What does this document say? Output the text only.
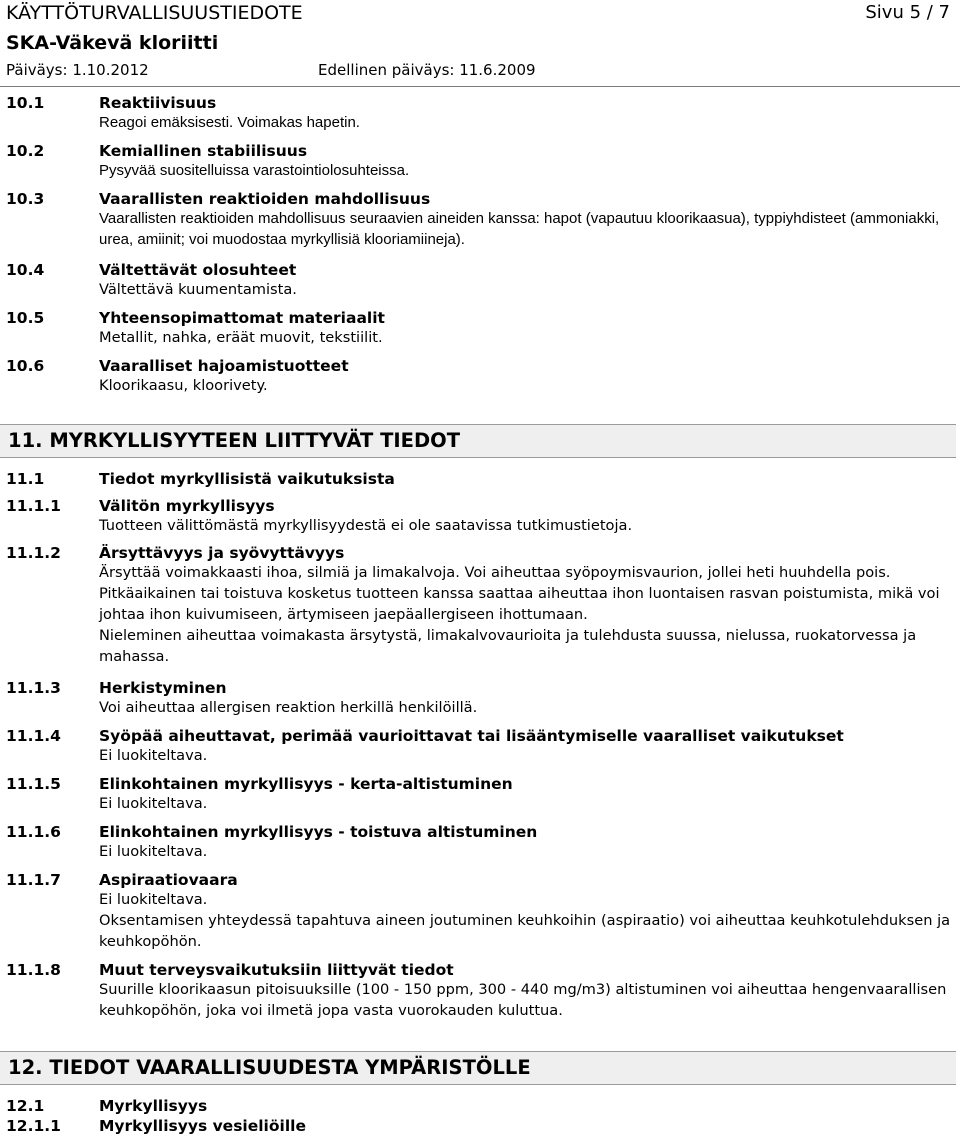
KÄYTTÖTURVALLISUUSTIEDOTE	Sivu 5 / 7
SKA-Väkevä kloriitti
Päiväys: 1.10.2012	Edellinen päiväys: 11.6.2009
10.1	Reaktiivisuus
Reagoi emäksisesti. Voimakas hapetin.
10.2	Kemiallinen stabiilisuus
Pysyvää suositelluissa varastointiolosuhteissa.
10.3	Vaarallisten reaktioiden mahdollisuus
Vaarallisten reaktioiden mahdollisuus seuraavien aineiden kanssa: hapot (vapautuu kloorikaasua), typpiyhdisteet (ammoniakki, urea, amiinit; voi muodostaa myrkyllisiä klooriamiineja).
10.4	Vältettävät olosuhteet
Vältettävä kuumentamista.
10.5	Yhteensopimattomat materiaalit
Metallit, nahka, eräät muovit, tekstiilit.
10.6	Vaaralliset hajoamistuotteet
Kloorikaasu, kloorivety.
11. MYRKYLLISYYTEEN LIITTYVÄT TIEDOT
11.1	Tiedot myrkyllisistä vaikutuksista
11.1.1	Välitön myrkyllisyys
Tuotteen välittömästä myrkyllisyydestä ei ole saatavissa tutkimustietoja.
11.1.2	Ärsyttävyys ja syövyttävyys

Ärsyttää voimakkaasti ihoa, silmiä ja limakalvoja. Voi aiheuttaa syöpoymisvaurion, jollei heti huuhdella pois.

Pitkäaikainen tai toistuva kosketus tuotteen kanssa saattaa aiheuttaa ihon luontaisen rasvan poistumista, mikä voi johtaa ihon kuivumiseen, ärtymiseen jaepäallergiseen ihottumaan.

Nieleminen aiheuttaa voimakasta ärsytystä, limakalvovaurioita ja tulehdusta suussa, nielussa, ruokatorvessa ja mahassa.

11.1.3	Herkistyminen
Voi aiheuttaa allergisen reaktion herkillä henkilöillä.
11.1.4	Syöpää aiheuttavat, perimää vaurioittavat tai lisääntymiselle vaaralliset vaikutukset
Ei luokiteltava.
11.1.5	Elinkohtainen myrkyllisyys - kerta-altistuminen
Ei luokiteltava.
11.1.6	Elinkohtainen myrkyllisyys - toistuva altistuminen
Ei luokiteltava.
11.1.7	Aspiraatiovaara

Ei luokiteltava.

Oksentamisen yhteydessä tapahtuva aineen joutuminen keuhkoihin (aspiraatio) voi aiheuttaa keuhkotulehduksen ja keuhkopöhön.

11.1.8	Muut terveysvaikutuksiin liittyvät tiedot
Suurille kloorikaasun pitoisuuksille (100 - 150 ppm, 300 - 440 mg/m3) altistuminen voi aiheuttaa hengenvaarallisen keuhkopöhön, joka voi ilmetä jopa vasta vuorokauden kuluttua.
12. TIEDOT VAARALLISUUDESTA YMPÄRISTÖLLE
12.1	Myrkyllisyys
12.1.1	Myrkyllisyys vesieliöille
